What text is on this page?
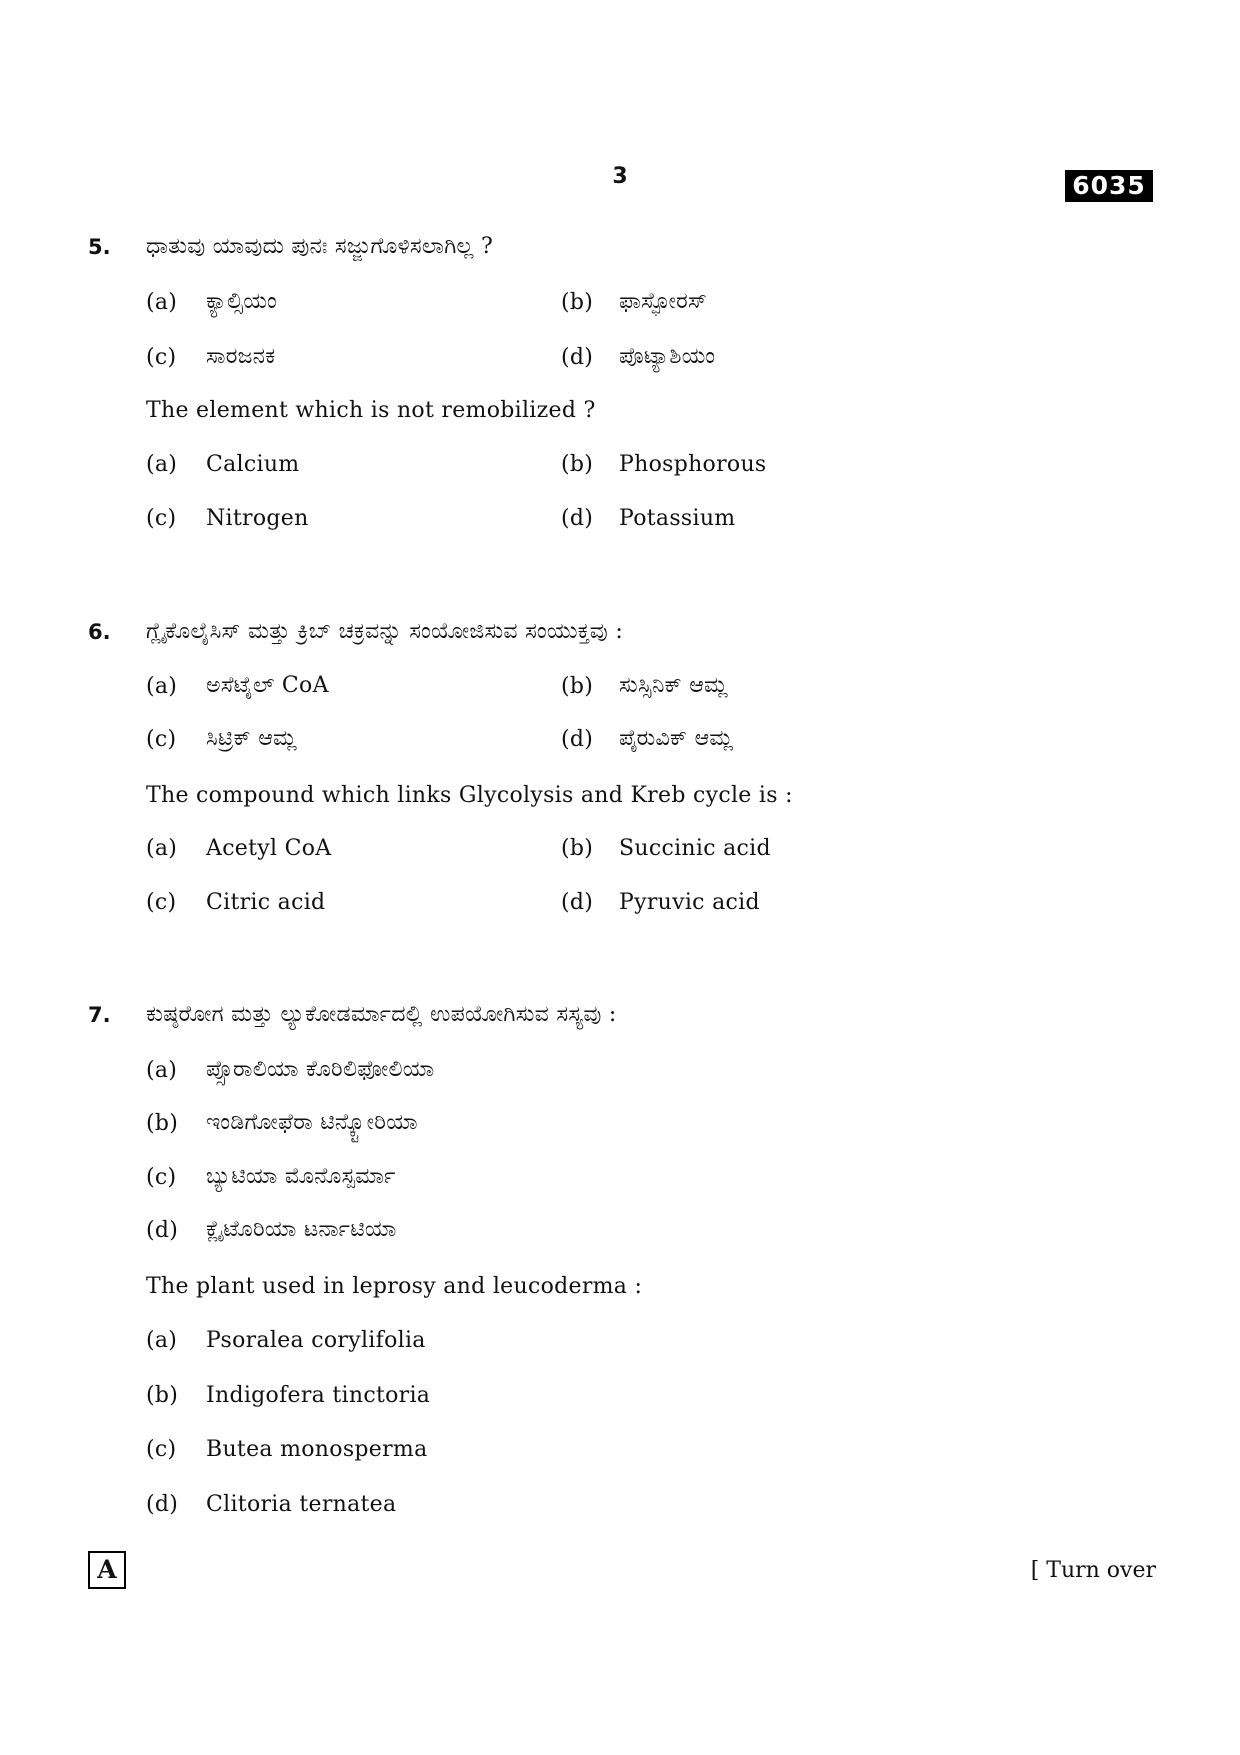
3	6035
5. ಧಾತುವು ಯಾವುದು ಪುನಃ ಸಜ್ಜುಗೊಳಿಸಲಾಗಿಲ್ಲ ?
(a) ಕ್ಯಾಲ್ಸಿಯಂ	(b) ಫಾಸ್ಫೋರಸ್
(c) ಸಾರಜನಕ	(d) ಪೊಟ್ಯಾಶಿಯಂ
The element which is not remobilized ?
(a) Calcium	(b) Phosphorous
(c) Nitrogen	(d) Potassium
6. ಗ್ಲೈಕೊಲೈಸಿಸ್ ಮತ್ತು ಕ್ರಿಬ್ ಚಕ್ರವನ್ನು ಸಂಯೋಜಿಸುವ ಸಂಯುಕ್ತವು :
(a) ಅಸೆಟೈಲ್ CoA	(b) ಸುಸ್ಸಿನಿಕ್ ಆಮ್ಲ
(c) ಸಿಟ್ರಿಕ್ ಆಮ್ಲ	(d) ಪೈರುವಿಕ್ ಆಮ್ಲ
The compound which links Glycolysis and Kreb cycle is :
(a) Acetyl CoA	(b) Succinic acid
(c) Citric acid	(d) Pyruvic acid
7. ಕುಷ್ಠರೋಗ ಮತ್ತು ಲ್ಯುಕೋಡರ್ಮಾದಲ್ಲಿ ಉಪಯೋಗಿಸುವ ಸಸ್ಯವು :
(a) ಪ್ಸೊರಾಲಿಯಾ ಕೊರಿಲಿಫೋಲಿಯಾ
(b) ಇಂಡಿಗೋಫೆರಾ ಟಿನ್ಕ್ಟೋರಿಯಾ
(c) ಬ್ಯುಟಿಯಾ ಮೊನೊಸ್ಪರ್ಮಾ
(d) ಕ್ಲೈಟೊರಿಯಾ ಟರ್ನಾಟಿಯಾ
The plant used in leprosy and leucoderma :
(a) Psoralea corylifolia
(b) Indigofera tinctoria
(c) Butea monosperma
(d) Clitoria ternatea
A	[ Turn over
